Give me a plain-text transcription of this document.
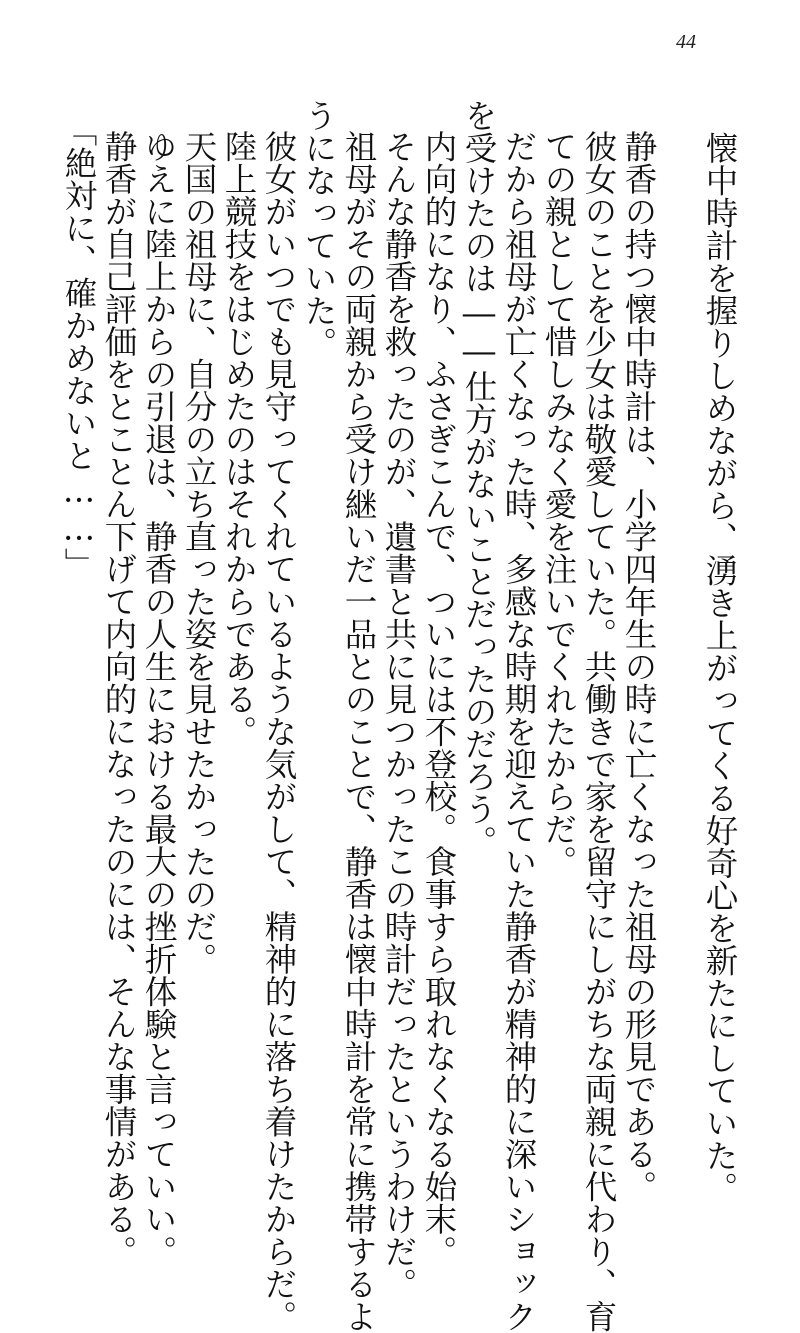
44
　懐中時計を握りしめながら、湧き上がってくる好奇心を新たにしていた。
静香の持つ懐中時計は、小学四年生の時に亡くなった祖母の形見である。
彼女のことを少女は敬愛していた。共働きで家を留守にしがちな両親に代わり、育
ての親として惜しみなく愛を注いでくれたからだ。
だから祖母が亡くなった時、多感な時期を迎えていた静香が精神的に深いショック
を受けたのは――仕方がないことだったのだろう。
内向的になり、ふさぎこんで、ついには不登校。食事すら取れなくなる始末。
そんな静香を救ったのが、遺書と共に見つかったこの時計だったというわけだ。
祖母がその両親から受け継いだ一品とのことで、静香は懐中時計を常に携帯するよ
うになっていた。
彼女がいつでも見守ってくれているような気がして、精神的に落ち着けたからだ。
陸上競技をはじめたのはそれからである。
天国の祖母に、自分の立ち直った姿を見せたかったのだ。
ゆえに陸上からの引退は、静香の人生における最大の挫折体験と言っていい。
静香が自己評価をとことん下げて内向的になったのには、そんな事情がある。
「絶対に、確かめないと……」
